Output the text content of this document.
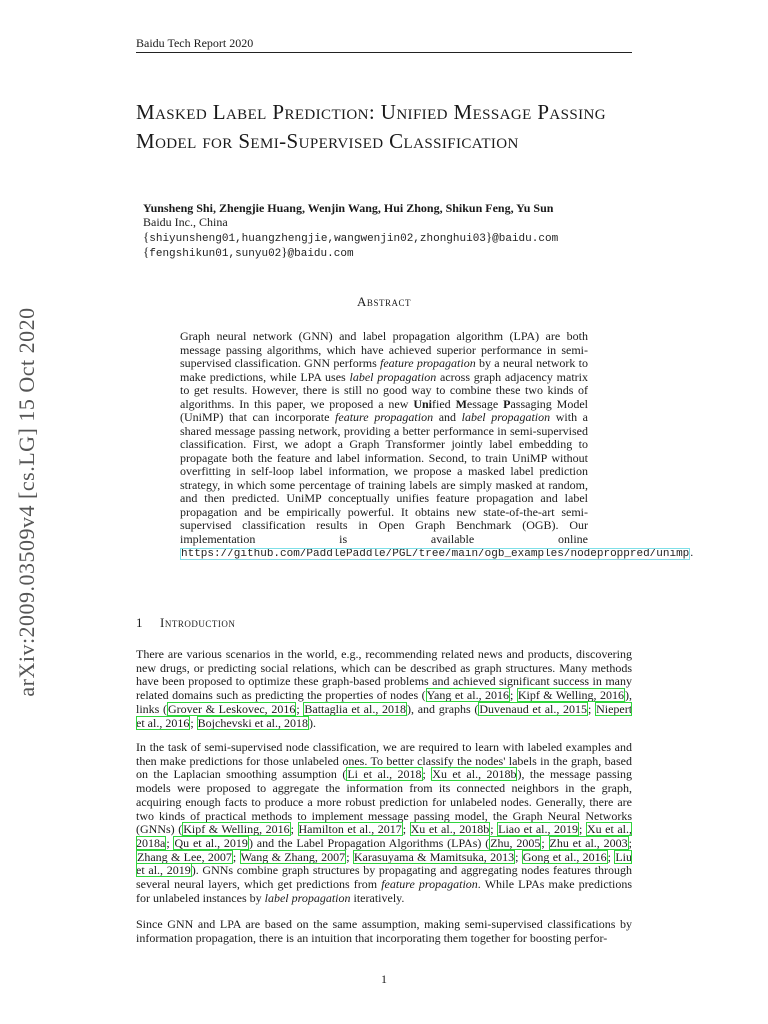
Baidu Tech Report 2020
Masked Label Prediction: Unified Message Passing Model for Semi-Supervised Classification
Yunsheng Shi, Zhengjie Huang, Wenjin Wang, Hui Zhong, Shikun Feng, Yu Sun
Baidu Inc., China
{shiyunsheng01,huangzhengjie,wangwenjin02,zhonghui03}@baidu.com
{fengshikun01,sunyu02}@baidu.com
arXiv:2009.03509v4 [cs.LG] 15 Oct 2020
Abstract

Graph neural network (GNN) and label propagation algorithm (LPA) are both message passing algorithms, which have achieved superior performance in semi-supervised classification. GNN performs feature propagation by a neural network to make predictions, while LPA uses label propagation across graph adjacency matrix to get results. However, there is still no good way to combine these two kinds of algorithms. In this paper, we proposed a new Unified Message Passaging Model (UniMP) that can incorporate feature propagation and label propagation with a shared message passing network, providing a better performance in semi-supervised classification. First, we adopt a Graph Transformer jointly label embedding to propagate both the feature and label information. Second, to train UniMP without overfitting in self-loop label information, we propose a masked label prediction strategy, in which some percentage of training labels are simply masked at random, and then predicted. UniMP conceptually unifies feature propagation and label propagation and be empirically powerful. It obtains new state-of-the-art semi-supervised classification results in Open Graph Benchmark (OGB). Our implementation is available online https://github.com/PaddlePaddle/PGL/tree/main/ogb_examples/nodeproppred/unimp.

1 Introduction

There are various scenarios in the world, e.g., recommending related news and products, discovering new drugs, or predicting social relations, which can be described as graph structures. Many methods have been proposed to optimize these graph-based problems and achieved significant success in many related domains such as predicting the properties of nodes (Yang et al., 2016; Kipf & Welling, 2016), links (Grover & Leskovec, 2016; Battaglia et al., 2018), and graphs (Duvenaud et al., 2015; Niepert et al., 2016; Bojchevski et al., 2018).

In the task of semi-supervised node classification, we are required to learn with labeled examples and then make predictions for those unlabeled ones. To better classify the nodes' labels in the graph, based on the Laplacian smoothing assumption (Li et al., 2018; Xu et al., 2018b), the message passing models were proposed to aggregate the information from its connected neighbors in the graph, acquiring enough facts to produce a more robust prediction for unlabeled nodes. Generally, there are two kinds of practical methods to implement message passing model, the Graph Neural Networks (GNNs) (Kipf & Welling, 2016; Hamilton et al., 2017; Xu et al., 2018b; Liao et al., 2019; Xu et al., 2018a; Qu et al., 2019) and the Label Propagation Algorithms (LPAs) (Zhu, 2005; Zhu et al., 2003; Zhang & Lee, 2007; Wang & Zhang, 2007; Karasuyama & Mamitsuka, 2013; Gong et al., 2016; Liu et al., 2019). GNNs combine graph structures by propagating and aggregating nodes features through several neural layers, which get predictions from feature propagation. While LPAs make predictions for unlabeled instances by label propagation iteratively.

Since GNN and LPA are based on the same assumption, making semi-supervised classifications by information propagation, there is an intuition that incorporating them together for boosting perfor-

1
